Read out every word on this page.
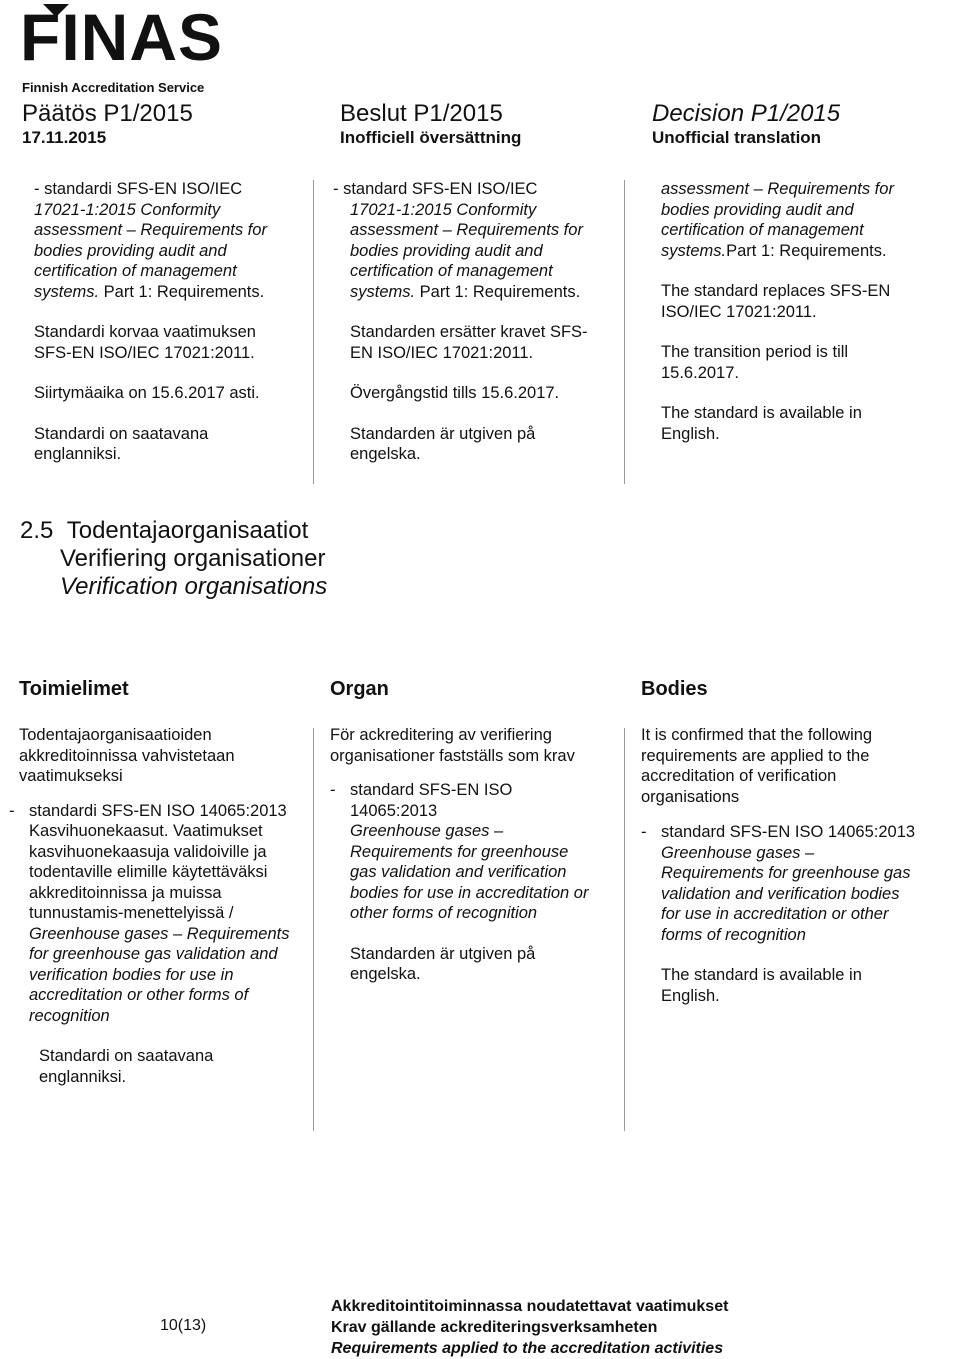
FINAS
Finnish Accreditation Service
Päätös P1/2015	Beslut P1/2015	Decision P1/2015
17.11.2015	Inofficiell översättning	Unofficial translation

- standardi SFS-EN ISO/IEC
17021-1:2015 Conformity
assessment – Requirements for
bodies providing audit and
certification of management
systems. Part 1: Requirements.

Standardi korvaa vaatimuksen SFS-EN ISO/IEC 17021:2011.

Siirtymäaika on 15.6.2017 asti.

Standardi on saatavana englanniksi.

- standard SFS-EN ISO/IEC
17021-1:2015 Conformity
assessment – Requirements for
bodies providing audit and
certification of management
systems. Part 1: Requirements.

Standarden ersätter kravet SFS-EN ISO/IEC 17021:2011.

Övergångstid tills 15.6.2017.

Standarden är utgiven på engelska.

assessment – Requirements for
bodies providing audit and
certification of management
systems.Part 1: Requirements.

The standard replaces SFS-EN ISO/IEC 17021:2011.

The transition period is till 15.6.2017.

The standard is available in English.

2.5 Todentajaorganisaatiot
Verifiering organisationer
Verification organisations
Toimielimet	Organ	Bodies

Todentajaorganisaatioiden akkreditoinnissa vahvistetaan vaatimukseksi

- standardi SFS-EN ISO 14065:2013 Kasvihuonekaasut. Vaatimukset kasvihuonekaasuja validoiville ja todentaville elimille käytettäväksi akkreditoinnissa ja muissa tunnustamis-menettelyissä / Greenhouse gases – Requirements for greenhouse gas validation and verification bodies for use in accreditation or other forms of recognition

Standardi on saatavana englanniksi.

För ackreditering av verifiering organisationer fastställs som krav

- standard SFS-EN ISO 14065:2013
Greenhouse gases – Requirements for greenhouse gas validation and verification bodies for use in accreditation or other forms of recognition

Standarden är utgiven på engelska.

It is confirmed that the following requirements are applied to the accreditation of verification organisations

- standard SFS-EN ISO 14065:2013
Greenhouse gases – Requirements for greenhouse gas validation and verification bodies for use in accreditation or other forms of recognition

The standard is available in English.

10(13)
Akkreditointitoiminnassa noudatettavat vaatimukset
Krav gällande ackrediteringsverksamheten
Requirements applied to the accreditation activities
